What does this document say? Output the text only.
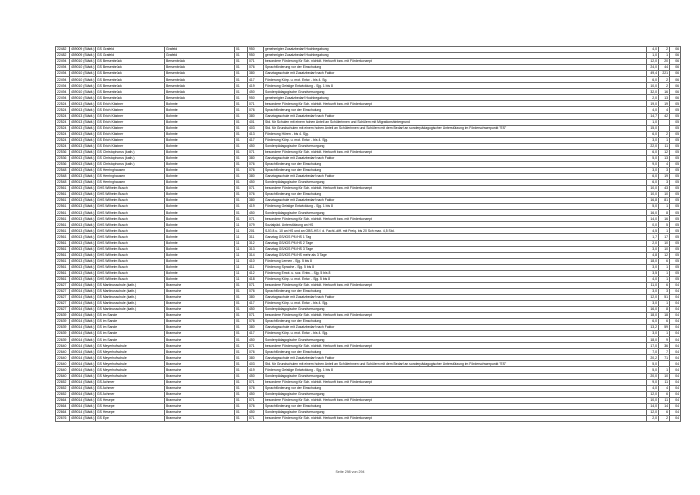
22482	459009 (Städt.)	GS Grafeld	Grafeld	01	950	genehmigter Zusatzbedarf Hochbegabung	4,0	2	06
22482	459009 (Städt.)	GS Grafeld	Grafeld	01	950	genehmigter Zusatzbedarf Hochbegabung	1,0	1	06
22494	459010 (Städt.)	GS Bersenbrück	Bersenbrück	01	071	besondere Förderung für Sch. nichtdt. Herkunft bzw. mit Förderkonzept	12,0	20	06
22494	459010 (Städt.)	GS Bersenbrück	Bersenbrück	01	076	Sprachförderung vor der Einschulung	24,0	44	06
22494	459010 (Städt.)	GS Bersenbrück	Bersenbrück	01	380	Ganztagsschule mit Zusatzbedarf nach Faktor	49,4	221	06
22494	459010 (Städt.)	GS Bersenbrück	Bersenbrück	01	417	Förderung Körp. u. mot. Entw. - bis 4. Sg.	6,0	2	06
22494	459010 (Städt.)	GS Bersenbrück	Bersenbrück	01	419	Förderung Geistige Entwicklung - Sjg. 1 bis 8	10,0	2	06
22494	459010 (Städt.)	GS Bersenbrück	Bersenbrück	01	450	Sonderpädagogische Grundversorgung	32,0	16	06
22494	459010 (Städt.)	GS Bersenbrück	Bersenbrück	01	950	genehmigter Zusatzbedarf Hochbegabung	2,0	13	06
22524	459013 (Städt.)	GS Erich Kästner	Bohmte	01	071	besondere Förderung für Sch. nichtdt. Herkunft bzw. mit Förderkonzept	19,0	19	05
22524	459013 (Städt.)	GS Erich Kästner	Bohmte	01	076	Sprachförderung vor der Einschulung	4,0	4	05
22524	459013 (Städt.)	GS Erich Kästner	Bohmte	01	380	Ganztagsschule mit Zusatzbedarf nach Faktor	14,7	42	05
22524	459013 (Städt.)	GS Erich Kästner	Bohmte	01	401	Std. für Schulen mit einem hohen Anteil an Schülerinnen und Schülern mit Migrationshintergrund	1,0		05
22524	459013 (Städt.)	GS Erich Kästner	Bohmte	01	403	Std. für Grundschulen mit einem hohen Anteil an Schülerinnen und Schülern mit dem Bedarf an sonderpädagogischer Unterstützung im Förderschwerpunkt "ES"	15,0		05
22524	459013 (Städt.)	GS Erich Kästner	Bohmte	01	413	Förderung Hören - bis 4. Sjg.	6,0	2	05
22524	459013 (Städt.)	GS Erich Kästner	Bohmte	01	417	Förderung Körp. u. mot. Entw. - bis 4. Sjg.	3,0	1	05
22524	459013 (Städt.)	GS Erich Kästner	Bohmte	01	450	Sonderpädagogische Grundversorgung	22,0	11	05
22536	459013 (Städt.)	GS Christophorus (kath.)	Bohmte	01	071	besondere Förderung für Sch. nichtdt. Herkunft bzw. mit Förderkonzept	6,0	12	05
22536	459013 (Städt.)	GS Christophorus (kath.)	Bohmte	01	380	Ganztagsschule mit Zusatzbedarf nach Faktor	5,0	13	05
22536	459013 (Städt.)	GS Christophorus (kath.)	Bohmte	01	076	Sprachförderung vor der Einschulung	9,0	4	05
22548	459013 (Städt.)	GS Herringhausen	Bohmte	01	076	Sprachförderung vor der Einschulung	3,0	3	05
22548	459013 (Städt.)	GS Herringhausen	Bohmte	01	380	Ganztagsschule mit Zusatzbedarf nach Faktor	6,0	19	05
22548	459013 (Städt.)	GS Herringhausen	Bohmte	01	450	Sonderpädagogische Grundversorgung	6,0	3	05
22561	459013 (Städt.)	GHS Wilhelm Busch	Bohmte	01	071	besondere Förderung für Sch. nichtdt. Herkunft bzw. mit Förderkonzept	10,0	43	05
22561	459013 (Städt.)	GHS Wilhelm Busch	Bohmte	01	076	Sprachförderung vor der Einschulung	10,0	10	05
22561	459013 (Städt.)	GHS Wilhelm Busch	Bohmte	01	380	Ganztagsschule mit Zusatzbedarf nach Faktor	16,8	81	05
22561	459013 (Städt.)	GHS Wilhelm Busch	Bohmte	01	419	Förderung Geistige Entwicklung - Sjg. 1 bis 8	5,0	1	05
22561	459013 (Städt.)	GHS Wilhelm Busch	Bohmte	01	450	Sonderpädagogische Grundversorgung	16,0	8	05
22561	459013 (Städt.)	GHS Wilhelm Busch	Bohmte	01	071	besondere Förderung für Sch. nichtdt. Herkunft bzw. mit Förderkonzept	14,0	16	05
22561	459013 (Städt.)	GHS Wilhelm Busch	Bohmte	11	079	Sozialpäd. Unterstützung an HS	0,0	5	05
22561	459013 (Städt.)	GHS Wilhelm Busch	Bohmte	11	201	SJG 8 u. 10 an HS und an OBS-HS f. d. Fachl.-diff. mit Freiq. bis 20 Sch max. 4,5 Std.	4,5	1	05
22561	459013 (Städt.)	GHS Wilhelm Busch	Bohmte	11	311	Ganztag GS/IGS Pfl./HS 1 Tag	1,7	17	05
22561	459013 (Städt.)	GHS Wilhelm Busch	Bohmte	11	312	Ganztag GS/IGS Pfl./HS 2 Tage	2,0	10	05
22561	459013 (Städt.)	GHS Wilhelm Busch	Bohmte	11	313	Ganztag GS/IGS Pfl./HS 3 Tage	3,0	10	05
22561	459013 (Städt.)	GHS Wilhelm Busch	Bohmte	11	314	Ganztag GS/IGS Pfl./HS mehr als 3 Tage	4,8	12	05
22561	459013 (Städt.)	GHS Wilhelm Busch	Bohmte	11	410	Förderung Lernen - Sjg. 5 bis 8	18,0	6	05
22561	459013 (Städt.)	GHS Wilhelm Busch	Bohmte	11	411	Förderung Sprache - Sjg. 5 bis 8	3,0	1	05
22561	459013 (Städt.)	GHS Wilhelm Busch	Bohmte	11	412	Förderung Emot. u. soz. Entw. - Sjg. 5 bis 8	3,5	1	05
22561	459013 (Städt.)	GHS Wilhelm Busch	Bohmte	11	418	Förderung Körp. u. mot. Entw. - Sjg. 5 bis 8	4,0	1	05
22627	459014 (Städt.)	GS Martinusschule (kath.)	Bramsche	01	071	besondere Förderung für Sch. nichtdt. Herkunft bzw. mit Förderkonzept	11,0	6	04
22627	459014 (Städt.)	GS Martinusschule (kath.)	Bramsche	01	076	Sprachförderung vor der Einschulung	3,0	3	04
22627	459014 (Städt.)	GS Martinusschule (kath.)	Bramsche	01	380	Ganztagsschule mit Zusatzbedarf nach Faktor	12,0	51	04
22627	459014 (Städt.)	GS Martinusschule (kath.)	Bramsche	01	417	Förderung Körp. u. mot. Entw. - bis 4. Sjg.	3,0	1	04
22627	459014 (Städt.)	GS Martinusschule (kath.)	Bramsche	01	450	Sonderpädagogische Grundversorgung	16,0	8	04
22639	459014 (Städt.)	GS im Sande	Bramsche	01	071	besondere Förderung für Sch. nichtdt. Herkunft bzw. mit Förderkonzept	18,0	18	04
22639	459014 (Städt.)	GS im Sande	Bramsche	01	076	Sprachförderung vor der Einschulung	6,0	6	04
22639	459014 (Städt.)	GS im Sande	Bramsche	01	380	Ganztagsschule mit Zusatzbedarf nach Faktor	13,2	59	04
22639	459014 (Städt.)	GS im Sande	Bramsche	01	417	Förderung Körp. u. mot. Entw. - bis 4. Sjg.	3,0	1	04
22639	459014 (Städt.)	GS im Sande	Bramsche	01	450	Sonderpädagogische Grundversorgung	18,0	9	04
22640	459014 (Städt.)	GS Meyerhofschule	Bramsche	01	071	besondere Förderung für Sch. nichtdt. Herkunft bzw. mit Förderkonzept	17,0	36	04
22640	459014 (Städt.)	GS Meyerhofschule	Bramsche	01	076	Sprachförderung vor der Einschulung	7,0	7	04
22640	459014 (Städt.)	GS Meyerhofschule	Bramsche	01	380	Ganztagsschule mit Zusatzbedarf nach Faktor	20,2	71	04
22640	459014 (Städt.)	GS Meyerhofschule	Bramsche	01	403	Std. für Grundschulen mit einem hohen Anteil an Schülerinnen und Schülern mit dem Bedarf an sonderpädagogischer Unterstützung im Förderschwerpunkt "ES"	5,0		04
22640	459014 (Städt.)	GS Meyerhofschule	Bramsche	01	419	Förderung Geistige Entwicklung - Sjg. 1 bis 8	5,0	1	04
22640	459014 (Städt.)	GS Meyerhofschule	Bramsche	01	450	Sonderpädagogische Grundversorgung	20,0	10	04
22652	459014 (Städt.)	GS Achmer	Bramsche	01	071	besondere Förderung für Sch. nichtdt. Herkunft bzw. mit Förderkonzept	9,0	11	04
22652	459014 (Städt.)	GS Achmer	Bramsche	01	076	Sprachförderung vor der Einschulung	4,0	4	04
22652	459014 (Städt.)	GS Achmer	Bramsche	01	450	Sonderpädagogische Grundversorgung	12,0	6	04
22664	459014 (Städt.)	GS Hesepe	Bramsche	01	071	besondere Förderung für Sch. nichtdt. Herkunft bzw. mit Förderkonzept	10,0	11	04
22664	459014 (Städt.)	GS Hesepe	Bramsche	01	076	Sprachförderung vor der Einschulung	14,0	14	04
22664	459014 (Städt.)	GS Hesepe	Bramsche	01	450	Sonderpädagogische Grundversorgung	12,0	6	04
22676	459014 (Städt.)	GS Epe	Bramsche	01	071	besondere Förderung für Sch. nichtdt. Herkunft bzw. mit Förderkonzept	2,0	2	04
Seite 298 von 294
